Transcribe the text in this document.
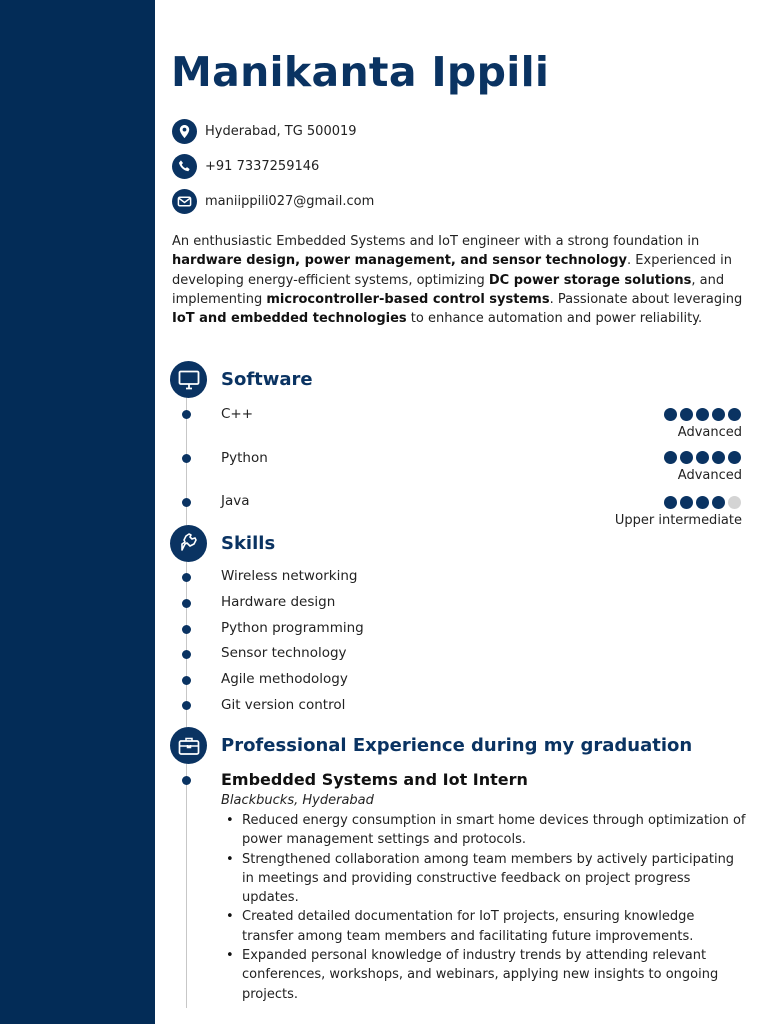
Manikanta Ippili
Hyderabad, TG 500019
+91 7337259146
maniippili027@gmail.com

An enthusiastic Embedded Systems and IoT engineer with a strong foundation in hardware design, power management, and sensor technology. Experienced in developing energy-efficient systems, optimizing DC power storage solutions, and implementing microcontroller-based control systems. Passionate about leveraging IoT and embedded technologies to enhance automation and power reliability.

Software
C++
Advanced
Python
Advanced
Java
Upper intermediate
Skills
Wireless networking
Hardware design
Python programming
Sensor technology
Agile methodology
Git version control
Professional Experience during my graduation
Embedded Systems and Iot Intern
Blackbucks, Hyderabad
• Reduced energy consumption in smart home devices through optimization of power management settings and protocols.
• Strengthened collaboration among team members by actively participating in meetings and providing constructive feedback on project progress updates.
• Created detailed documentation for IoT projects, ensuring knowledge transfer among team members and facilitating future improvements.
• Expanded personal knowledge of industry trends by attending relevant conferences, workshops, and webinars, applying new insights to ongoing projects.
